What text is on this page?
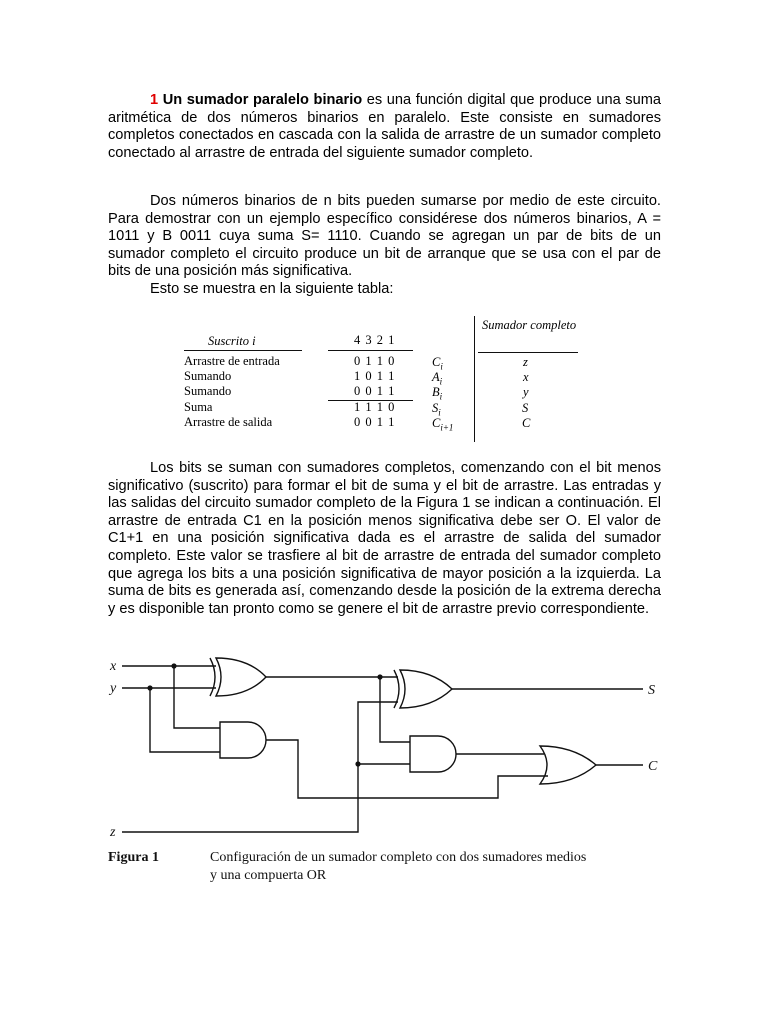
1 Un sumador paralelo binario es una función digital que produce una suma aritmética de dos números binarios en paralelo. Este consiste en sumadores completos conectados en cascada con la salida de arrastre de un sumador completo conectado al arrastre de entrada del siguiente sumador completo.

Dos números binarios de n bits pueden sumarse por medio de este circuito. Para demostrar con un ejemplo específico considérese dos números binarios, A = 1011 y B 0011 cuya suma S= 1110. Cuando se agregan un par de bits de un sumador completo el circuito produce un bit de arranque que se usa con el par de bits de una posición más significativa.

Esto se muestra en la siguiente tabla:

Sumador completo
Suscrito i	4 3 2 1
Arrastre de entrada	0 1 1 0	$C_i$	z
Sumando	1 0 1 1	$A_i$	x
Sumando	0 0 1 1	$B_i$	y
Suma	1 1 1 0	$S_i$	S
Arrastre de salida	0 0 1 1	$C_{i+1}$	C

Los bits se suman con sumadores completos, comenzando con el bit menos significativo (suscrito) para formar el bit de suma y el bit de arrastre. Las entradas y las salidas del circuito sumador completo de la Figura 1 se indican a continuación. El arrastre de entrada C1 en la posición menos significativa debe ser O. El valor de C1+1 en una posición significativa dada es el arrastre de salida del sumador completo. Este valor se trasfiere al bit de arrastre de entrada del sumador completo que agrega los bits a una posición significativa de mayor posición a la izquierda. La suma de bits es generada así, comenzando desde la posición de la extrema derecha y es disponible tan pronto como se genere el bit de arrastre previo correspondiente.

x
y
z
S
C
Figura 1	Configuración de un sumador completo con dos sumadores medios
y una compuerta OR
